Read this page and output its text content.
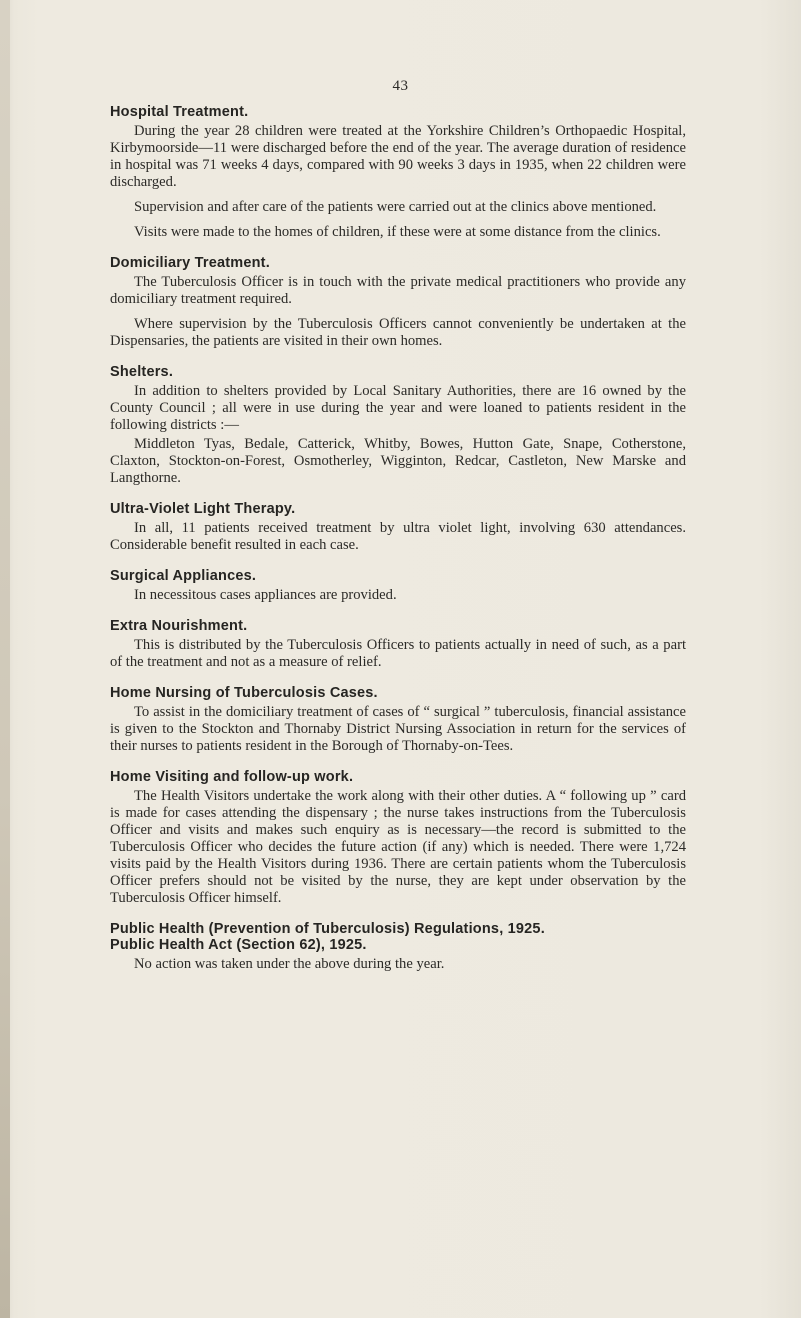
43
Hospital Treatment.

During the year 28 children were treated at the Yorkshire Children’s Orthopaedic Hospital, Kirbymoorside—11 were discharged before the end of the year. The average duration of residence in hospital was 71 weeks 4 days, compared with 90 weeks 3 days in 1935, when 22 children were discharged.

Supervision and after care of the patients were carried out at the clinics above mentioned.

Visits were made to the homes of children, if these were at some distance from the clinics.

Domiciliary Treatment.

The Tuberculosis Officer is in touch with the private medical practitioners who provide any domiciliary treatment required.

Where supervision by the Tuberculosis Officers cannot conveniently be undertaken at the Dispensaries, the patients are visited in their own homes.

Shelters.

In addition to shelters provided by Local Sanitary Authorities, there are 16 owned by the County Council ; all were in use during the year and were loaned to patients resident in the following districts :—

Middleton Tyas, Bedale, Catterick, Whitby, Bowes, Hutton Gate, Snape, Cotherstone, Claxton, Stockton-on-Forest, Osmotherley, Wigginton, Redcar, Castleton, New Marske and Langthorne.

Ultra-Violet Light Therapy.

In all, 11 patients received treatment by ultra violet light, involving 630 attendances. Considerable benefit resulted in each case.

Surgical Appliances.

In necessitous cases appliances are provided.

Extra Nourishment.

This is distributed by the Tuberculosis Officers to patients actually in need of such, as a part of the treatment and not as a measure of relief.

Home Nursing of Tuberculosis Cases.

To assist in the domiciliary treatment of cases of “ surgical ” tuberculosis, financial assistance is given to the Stockton and Thornaby District Nursing Association in return for the services of their nurses to patients resident in the Borough of Thornaby-on-Tees.

Home Visiting and follow-up work.

The Health Visitors undertake the work along with their other duties. A “ following up ” card is made for cases attending the dispensary ; the nurse takes instructions from the Tuberculosis Officer and visits and makes such enquiry as is necessary—the record is submitted to the Tuberculosis Officer who decides the future action (if any) which is needed. There were 1,724 visits paid by the Health Visitors during 1936. There are certain patients whom the Tuberculosis Officer prefers should not be visited by the nurse, they are kept under observation by the Tuberculosis Officer himself.

Public Health (Prevention of Tuberculosis) Regulations, 1925.
Public Health Act (Section 62), 1925.

No action was taken under the above during the year.
